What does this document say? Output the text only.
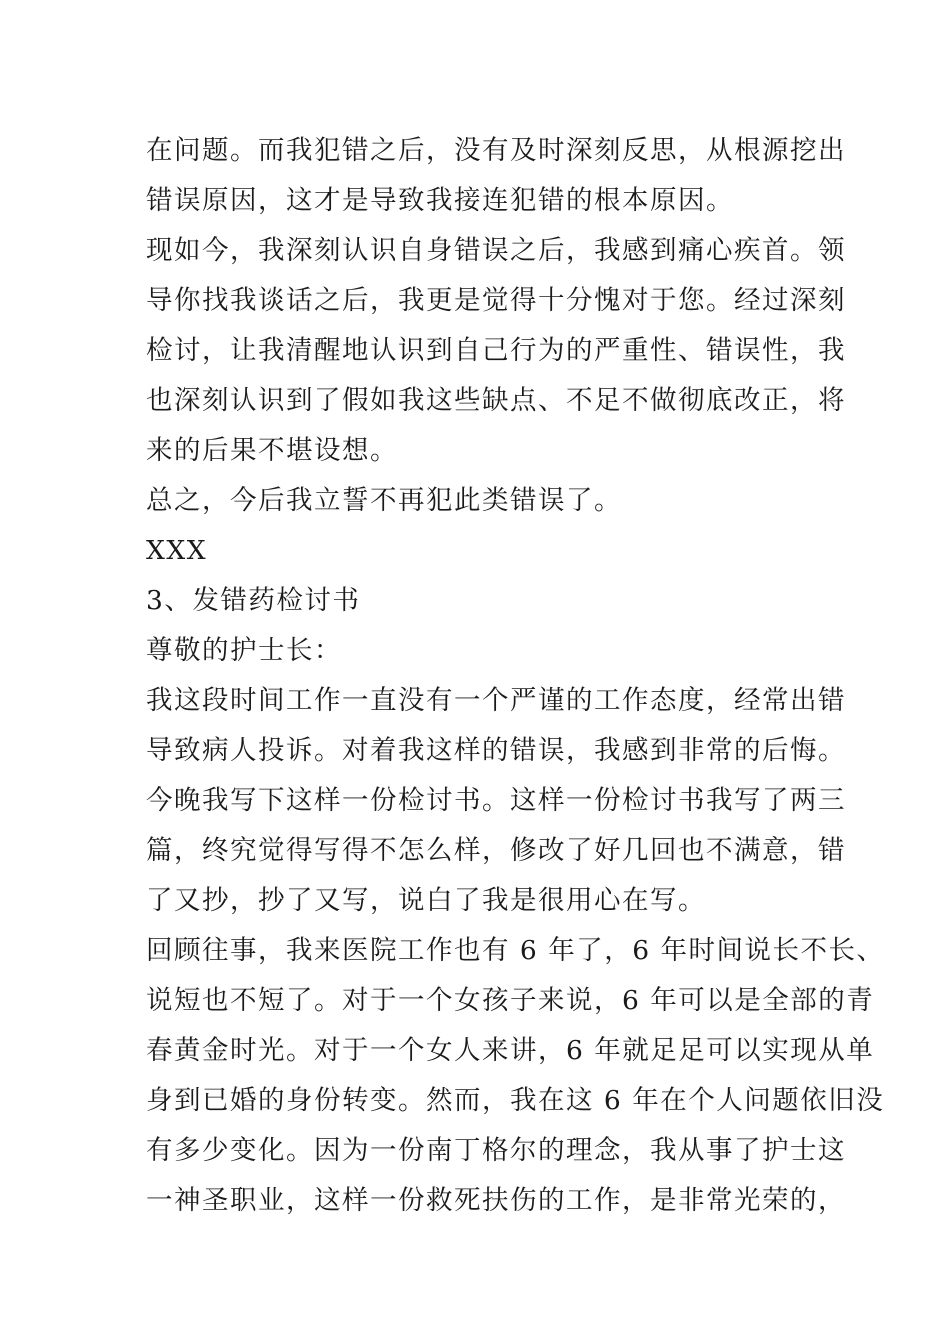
在问题。而我犯错之后，没有及时深刻反思，从根源挖出
错误原因，这才是导致我接连犯错的根本原因。
现如今，我深刻认识自身错误之后，我感到痛心疾首。领
导你找我谈话之后，我更是觉得十分愧对于您。经过深刻
检讨，让我清醒地认识到自己行为的严重性、错误性，我
也深刻认识到了假如我这些缺点、不足不做彻底改正，将
来的后果不堪设想。
总之，今后我立誓不再犯此类错误了。
XXX
3、发错药检讨书
尊敬的护士长：
我这段时间工作一直没有一个严谨的工作态度，经常出错
导致病人投诉。对着我这样的错误，我感到非常的后悔。
今晚我写下这样一份检讨书。这样一份检讨书我写了两三
篇，终究觉得写得不怎么样，修改了好几回也不满意，错
了又抄，抄了又写，说白了我是很用心在写。
回顾往事，我来医院工作也有 6 年了，6 年时间说长不长、
说短也不短了。对于一个女孩子来说，6 年可以是全部的青
春黄金时光。对于一个女人来讲，6 年就足足可以实现从单
身到已婚的身份转变。然而，我在这 6 年在个人问题依旧没
有多少变化。因为一份南丁格尔的理念，我从事了护士这
一神圣职业，这样一份救死扶伤的工作，是非常光荣的，
